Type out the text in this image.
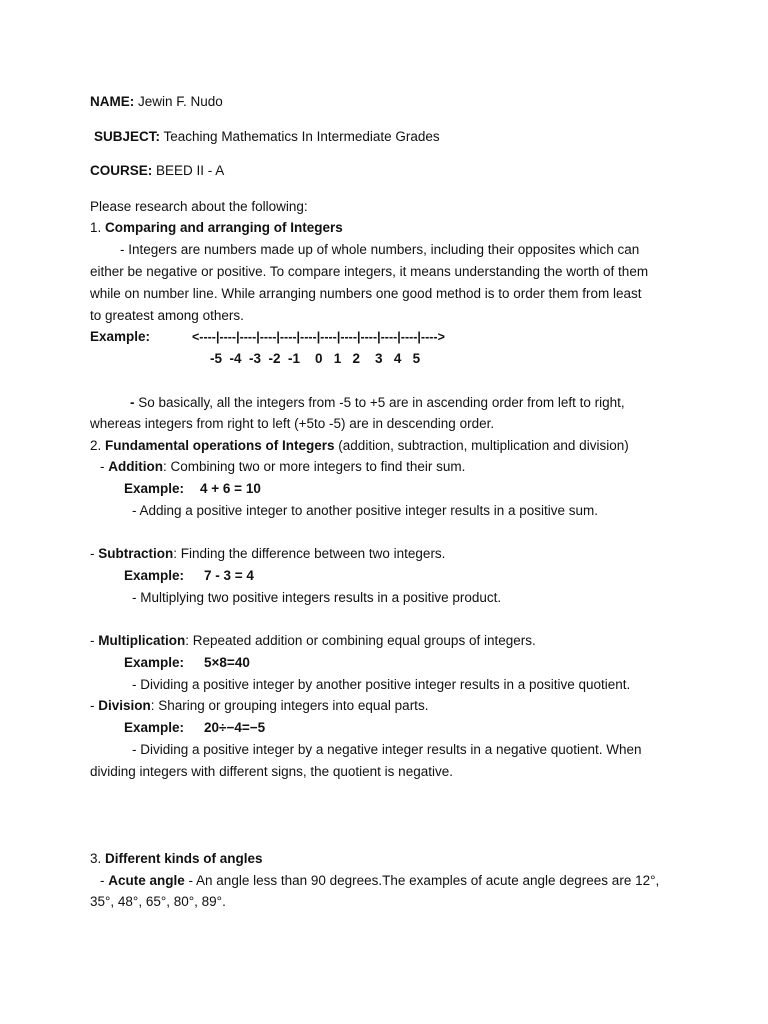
NAME: Jewin F. Nudo
SUBJECT: Teaching Mathematics In Intermediate Grades
COURSE: BEED II - A
Please research about the following:
1. Comparing and arranging of Integers
- Integers are numbers made up of whole numbers, including their opposites which can
either be negative or positive. To compare integers, it means understanding the worth of them
while on number line. While arranging numbers one good method is to order them from least
to greatest among others.
Example:	<----|----|----|----|----|----|----|----|----|----|----|---->
-5  -4  -3  -2  -1    0   1   2    3   4   5
- So basically, all the integers from -5 to +5 are in ascending order from left to right,
whereas integers from right to left (+5to -5) are in descending order.
2. Fundamental operations of Integers (addition, subtraction, multiplication and division)
- Addition: Combining two or more integers to find their sum.
Example: 4 + 6 = 10
- Adding a positive integer to another positive integer results in a positive sum.
- Subtraction: Finding the difference between two integers.
Example: 7 - 3 = 4
- Multiplying two positive integers results in a positive product.
- Multiplication: Repeated addition or combining equal groups of integers.
Example: 5×8=40
- Dividing a positive integer by another positive integer results in a positive quotient.
- Division: Sharing or grouping integers into equal parts.
Example: 20÷−4=−5
- Dividing a positive integer by a negative integer results in a negative quotient. When
dividing integers with different signs, the quotient is negative.
3. Different kinds of angles
- Acute angle - An angle less than 90 degrees.The examples of acute angle degrees are 12°,
35°, 48°, 65°, 80°, 89°.
